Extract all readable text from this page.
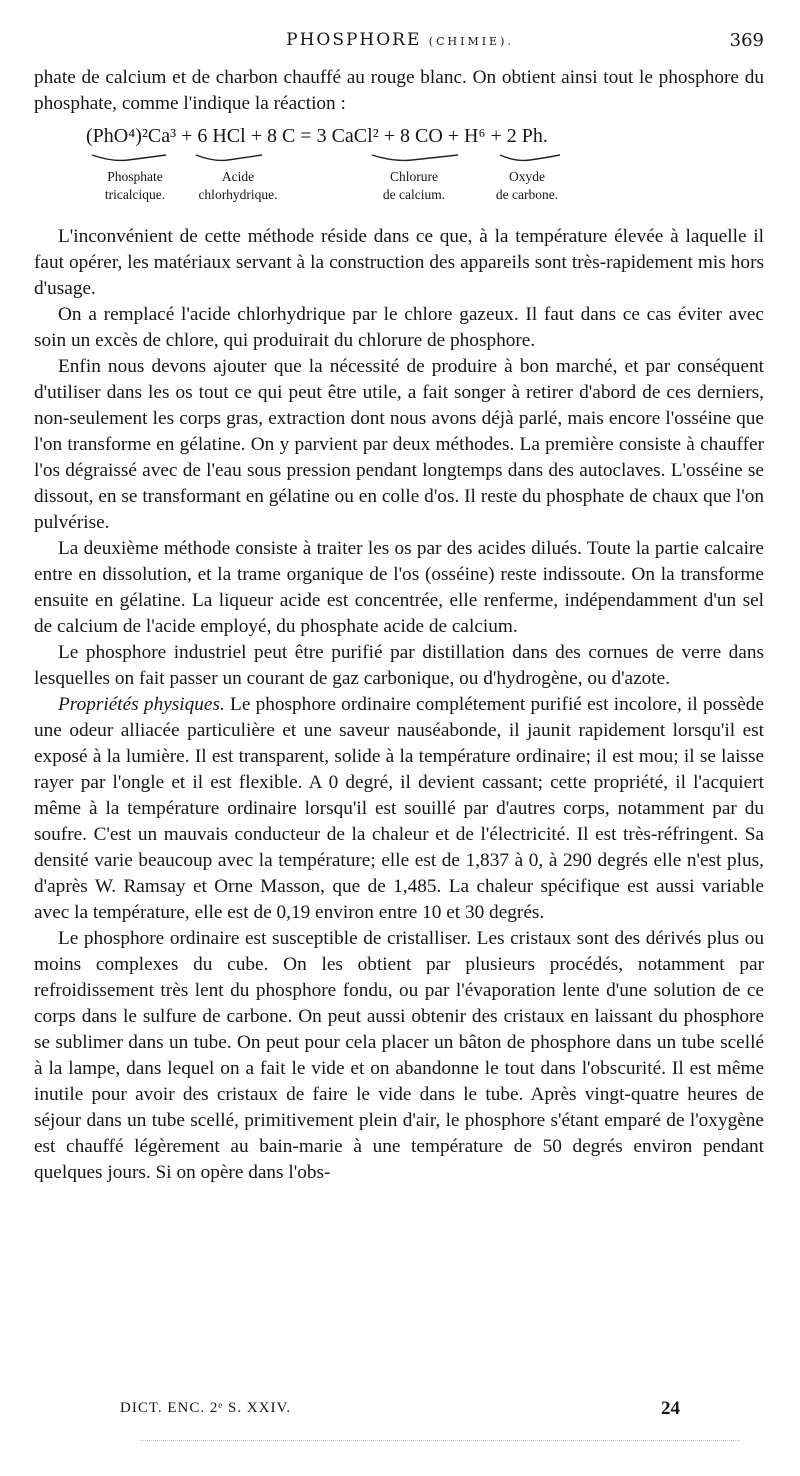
PHOSPHORE (CHIMIE).	369

phate de calcium et de charbon chauffé au rouge blanc. On obtient ainsi tout le phosphore du phosphate, comme l'indique la réaction :

(PhO⁴)²Ca³ + 6 HCl + 8 C = 3 CaCl² + 8 CO + H⁶ + 2 Ph.
Phosphate
tricalcique.
Acide
chlorhydrique.
Chlorure
de calcium.
Oxyde
de carbone.

L'inconvénient de cette méthode réside dans ce que, à la température élevée à laquelle il faut opérer, les matériaux servant à la construction des appareils sont très-rapidement mis hors d'usage.

On a remplacé l'acide chlorhydrique par le chlore gazeux. Il faut dans ce cas éviter avec soin un excès de chlore, qui produirait du chlorure de phosphore.

Enfin nous devons ajouter que la nécessité de produire à bon marché, et par conséquent d'utiliser dans les os tout ce qui peut être utile, a fait songer à retirer d'abord de ces derniers, non-seulement les corps gras, extraction dont nous avons déjà parlé, mais encore l'osséine que l'on transforme en gélatine. On y parvient par deux méthodes. La première consiste à chauffer l'os dégraissé avec de l'eau sous pression pendant longtemps dans des autoclaves. L'osséine se dissout, en se transformant en gélatine ou en colle d'os. Il reste du phosphate de chaux que l'on pulvérise.

La deuxième méthode consiste à traiter les os par des acides dilués. Toute la partie calcaire entre en dissolution, et la trame organique de l'os (osséine) reste indissoute. On la transforme ensuite en gélatine. La liqueur acide est concentrée, elle renferme, indépendamment d'un sel de calcium de l'acide employé, du phosphate acide de calcium.

Le phosphore industriel peut être purifié par distillation dans des cornues de verre dans lesquelles on fait passer un courant de gaz carbonique, ou d'hydrogène, ou d'azote.

Propriétés physiques. Le phosphore ordinaire complétement purifié est incolore, il possède une odeur alliacée particulière et une saveur nauséabonde, il jaunit rapidement lorsqu'il est exposé à la lumière. Il est transparent, solide à la température ordinaire; il est mou; il se laisse rayer par l'ongle et il est flexible. A 0 degré, il devient cassant; cette propriété, il l'acquiert même à la température ordinaire lorsqu'il est souillé par d'autres corps, notamment par du soufre. C'est un mauvais conducteur de la chaleur et de l'électricité. Il est très-réfringent. Sa densité varie beaucoup avec la température; elle est de 1,837 à 0, à 290 degrés elle n'est plus, d'après W. Ramsay et Orne Masson, que de 1,485. La chaleur spécifique est aussi variable avec la température, elle est de 0,19 environ entre 10 et 30 degrés.

Le phosphore ordinaire est susceptible de cristalliser. Les cristaux sont des dérivés plus ou moins complexes du cube. On les obtient par plusieurs procédés, notamment par refroidissement très lent du phosphore fondu, ou par l'évaporation lente d'une solution de ce corps dans le sulfure de carbone. On peut aussi obtenir des cristaux en laissant du phosphore se sublimer dans un tube. On peut pour cela placer un bâton de phosphore dans un tube scellé à la lampe, dans lequel on a fait le vide et on abandonne le tout dans l'obscurité. Il est même inutile pour avoir des cristaux de faire le vide dans le tube. Après vingt-quatre heures de séjour dans un tube scellé, primitivement plein d'air, le phosphore s'étant emparé de l'oxygène est chauffé légèrement au bain-marie à une température de 50 degrés environ pendant quelques jours. Si on opère dans l'obs-

DICT. ENC. 2ᵉ S. XXIV.	24
